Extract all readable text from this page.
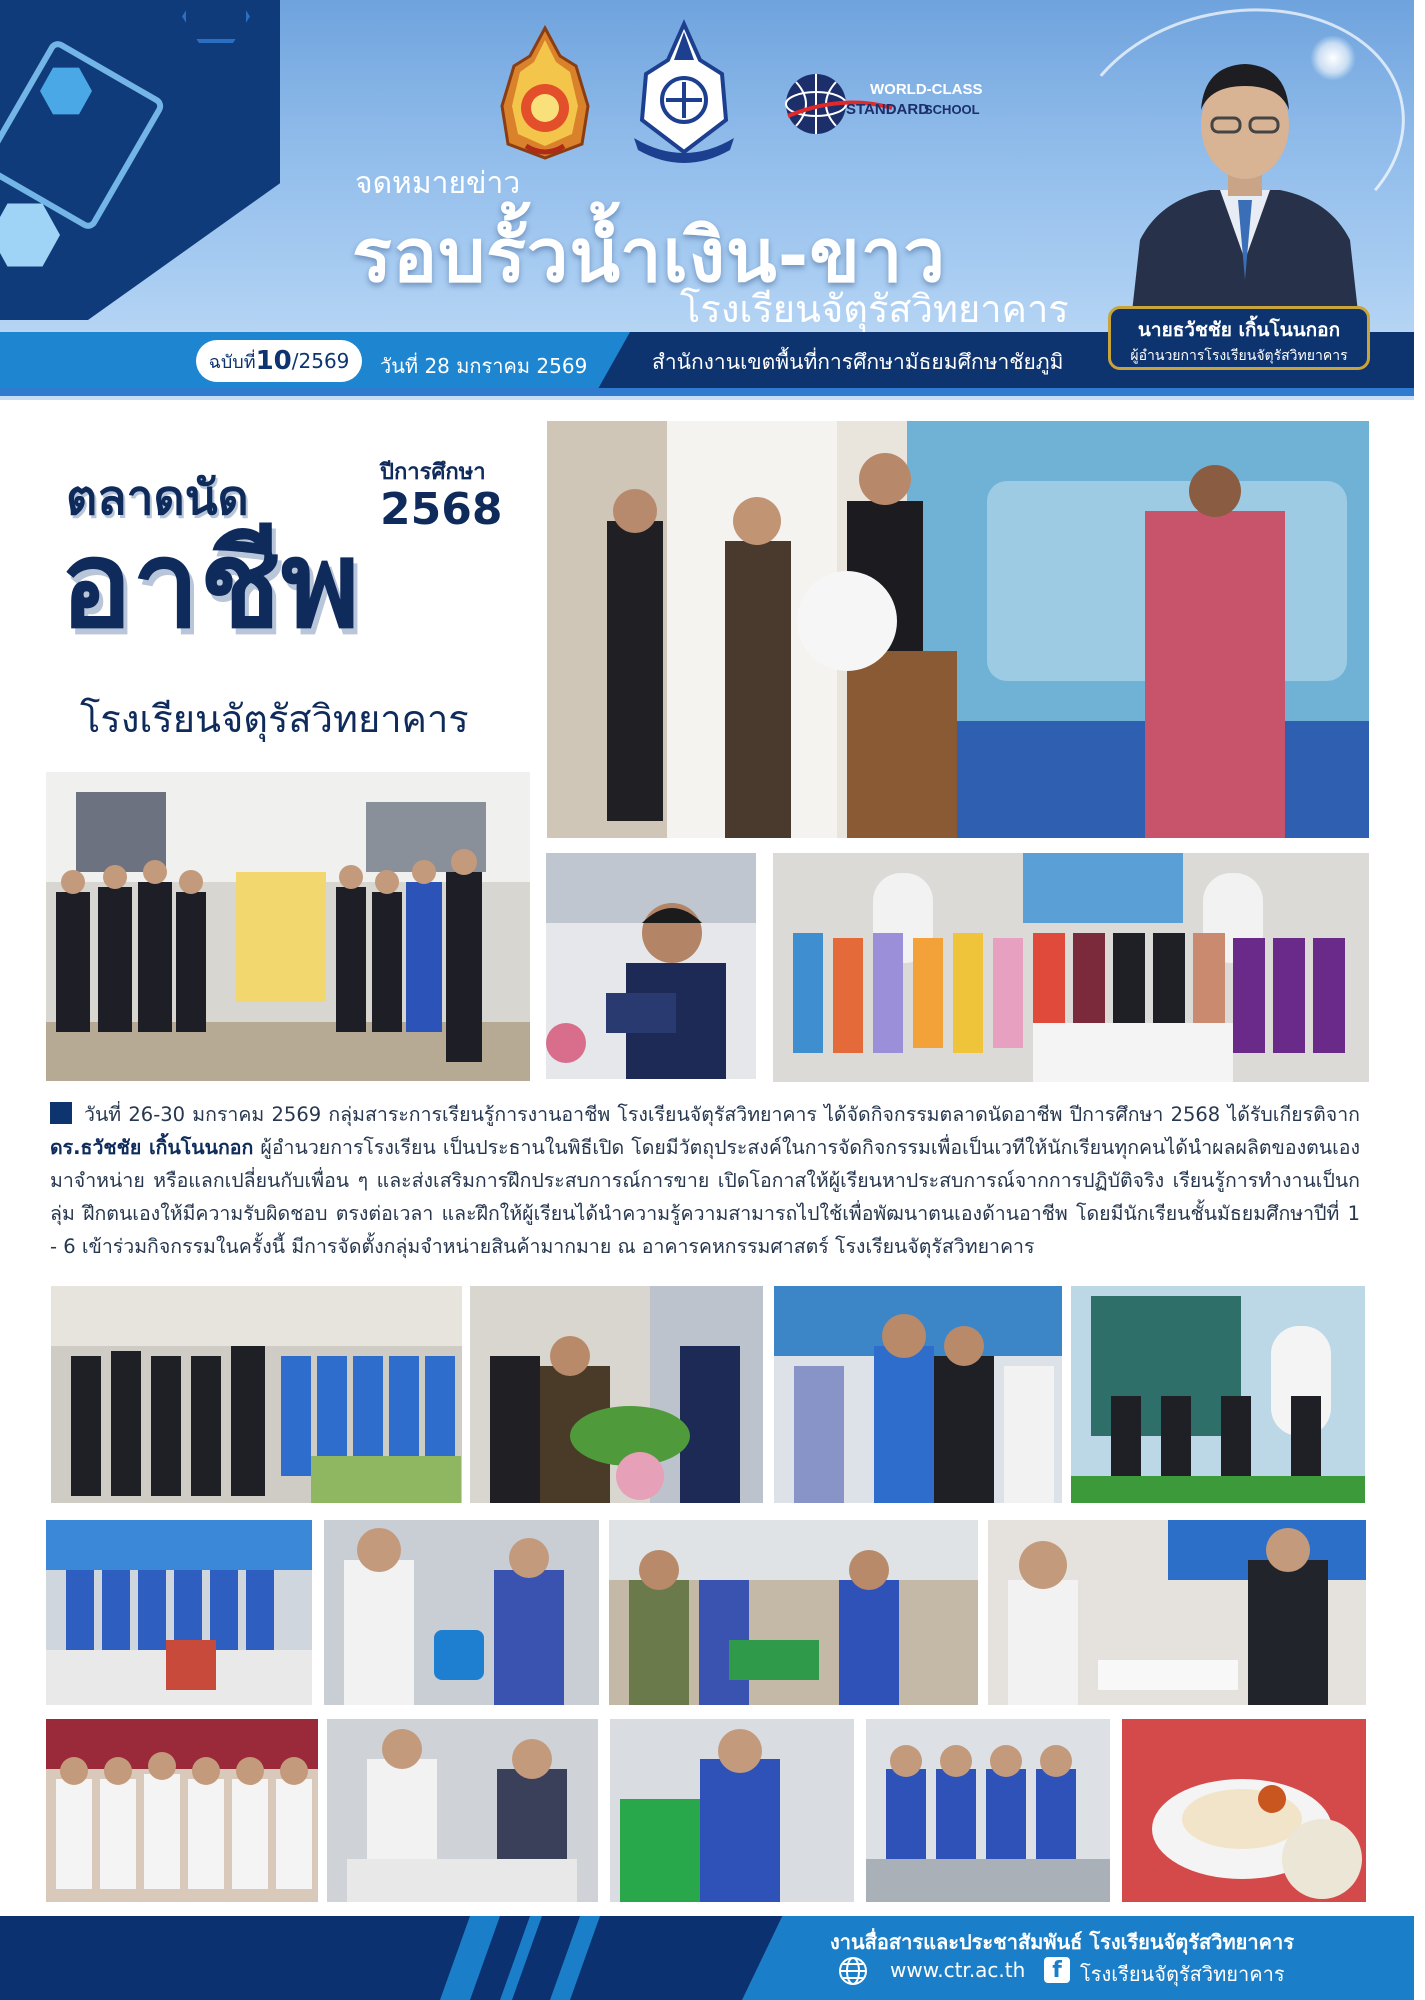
WORLD-CLASS
STANDARD
SCHOOL
จดหมายข่าว
รอบรั้วน้ำเงิน-ขาว
โรงเรียนจัตุรัสวิทยาคาร
ฉบับที่ 10 /2569 วันที่ 28 มกราคม 2569	สำนักงานเขตพื้นที่การศึกษามัธยมศึกษาชัยภูมิ
นายธวัชชัย เกิ้นโนนกอก
ผู้อำนวยการโรงเรียนจัตุรัสวิทยาคาร
ตลาดนัด	ปีการศึกษา
2568
อาชีพ
โรงเรียนจัตุรัสวิทยาคาร
วันที่ 26-30 มกราคม 2569 กลุ่มสาระการเรียนรู้การงานอาชีพ โรงเรียนจัตุรัสวิทยาคาร ได้จัดกิจกรรมตลาดนัดอาชีพ ปีการศึกษา 2568 ได้รับเกียรติจาก ดร.ธวัชชัย เกิ้นโนนกอก ผู้อำนวยการโรงเรียน เป็นประธานในพิธีเปิด โดยมีวัตถุประสงค์ในการจัดกิจกรรมเพื่อเป็นเวทีให้นักเรียนทุกคนได้นำผลผลิตของตนเองมาจำหน่าย หรือแลกเปลี่ยนกับเพื่อน ๆ และส่งเสริมการฝึกประสบการณ์การขาย เปิดโอกาสให้ผู้เรียนหาประสบการณ์จากการปฏิบัติจริง เรียนรู้การทำงานเป็นกลุ่ม ฝึกตนเองให้มีความรับผิดชอบ ตรงต่อเวลา และฝึกให้ผู้เรียนได้นำความรู้ความสามารถไปใช้เพื่อพัฒนาตนเองด้านอาชีพ โดยมีนักเรียนชั้นมัธยมศึกษาปีที่ 1 - 6 เข้าร่วมกิจกรรมในครั้งนี้ มีการจัดตั้งกลุ่มจำหน่ายสินค้ามากมาย ณ อาคารคหกรรมศาสตร์ โรงเรียนจัตุรัสวิทยาคาร
งานสื่อสารและประชาสัมพันธ์ โรงเรียนจัตุรัสวิทยาคาร
www.ctr.ac.th	f โรงเรียนจัตุรัสวิทยาคาร
